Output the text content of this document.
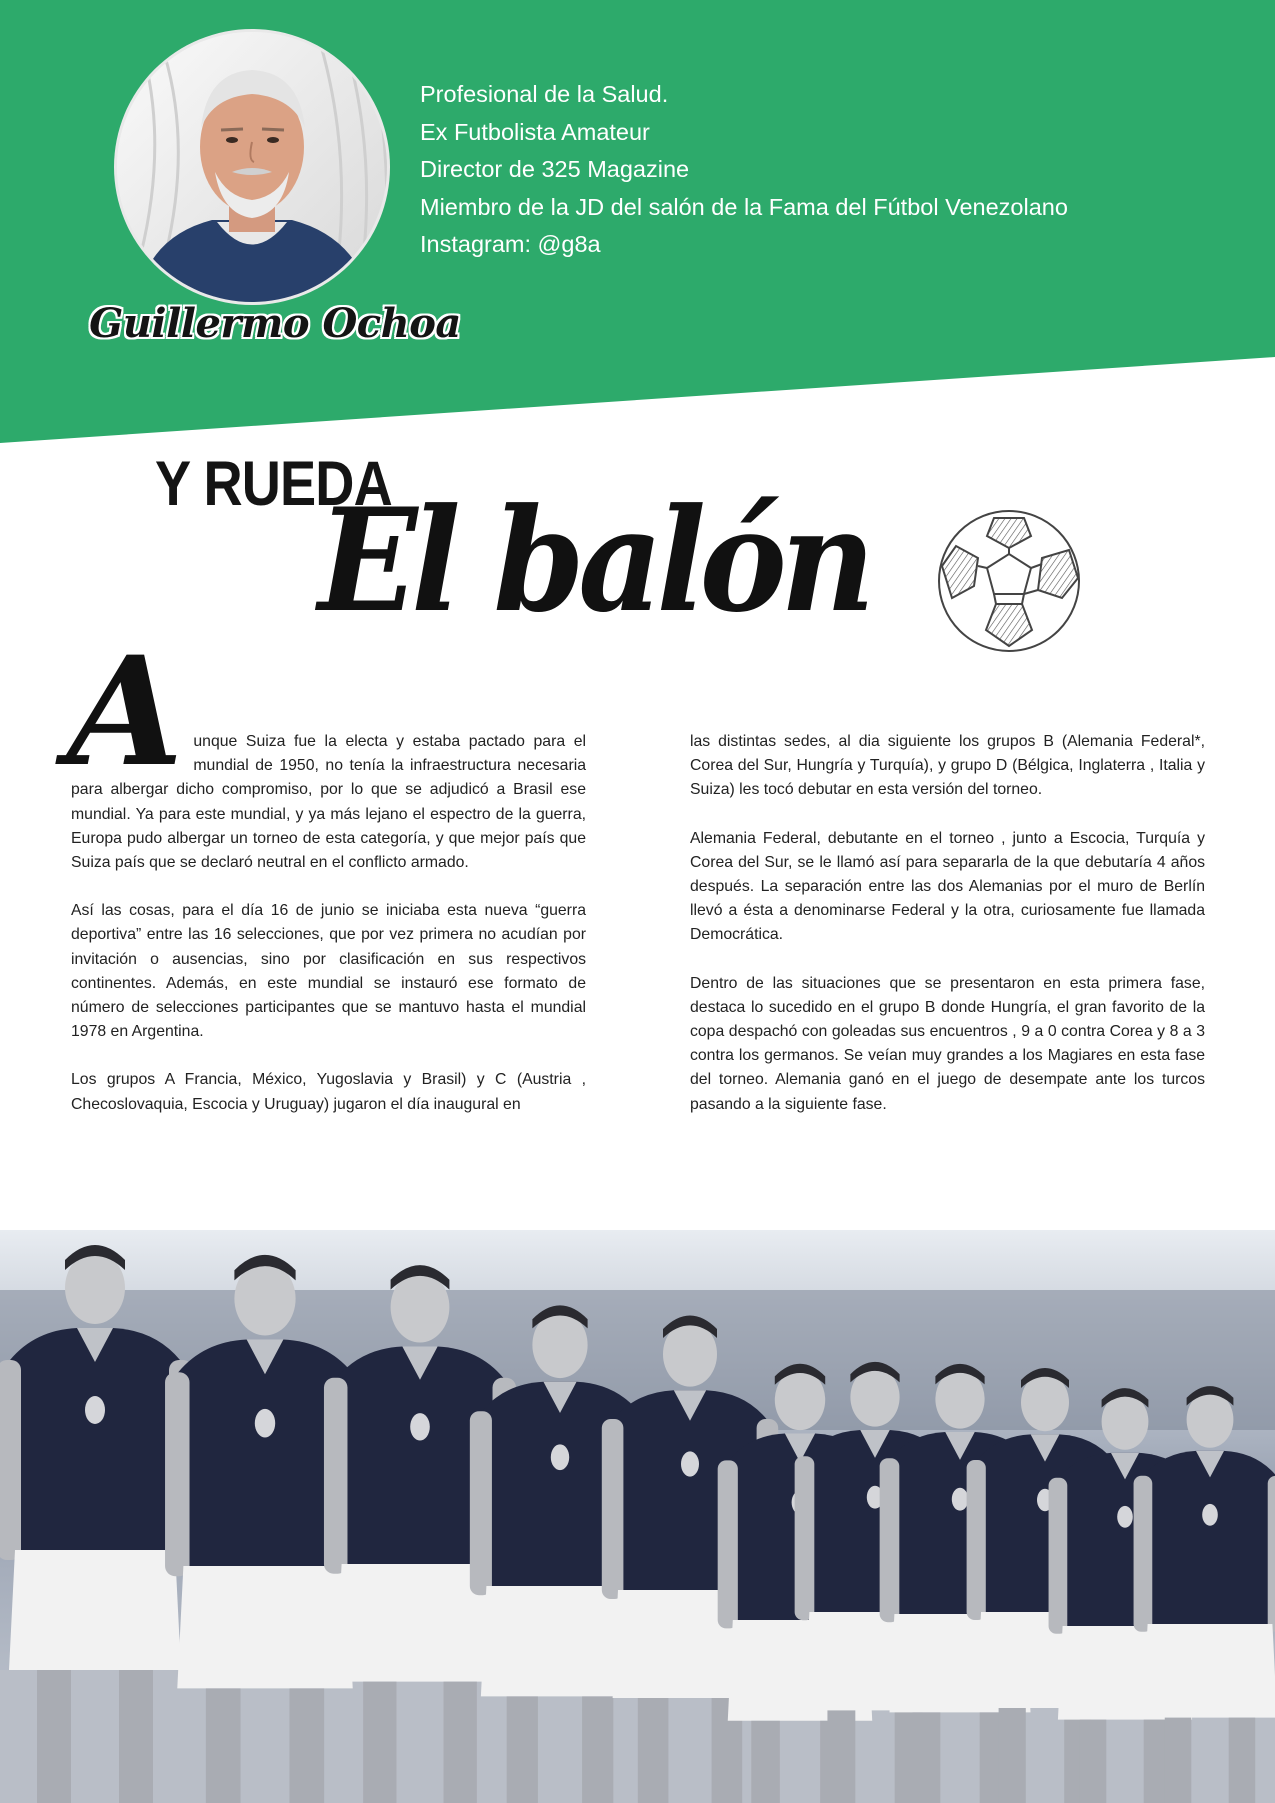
Guillermo Ochoa
Profesional de la Salud.
Ex Futbolista Amateur
Director de 325 Magazine
Miembro de la JD del salón de la Fama del Fútbol Venezolano
Instagram: @g8a
Y RUEDA
El balón

A unque Suiza fue la electa y estaba pactado para el mundial de 1950, no tenía la infraestructura necesaria para albergar dicho compromiso, por lo que se adjudicó a Brasil ese mundial. Ya para este mundial, y ya más lejano el espectro de la guerra, Europa pudo albergar un torneo de esta categoría, y que mejor país que Suiza país que se declaró neutral en el conflicto armado.

Así las cosas, para el día 16 de junio se iniciaba esta nueva “guerra deportiva” entre las 16 selecciones, que por vez primera no acudían por invitación o ausencias, sino por clasificación en sus respectivos continentes. Además, en este mundial se instauró ese formato de número de selecciones participantes que se mantuvo hasta el mundial 1978 en Argentina.

Los grupos A Francia, México, Yugoslavia y Brasil) y C (Austria , Checoslovaquia, Escocia y Uruguay) jugaron el día inaugural en

las distintas sedes, al dia siguiente los grupos B (Alemania Federal*, Corea del Sur, Hungría y Turquía), y grupo D (Bélgica, Inglaterra , Italia y Suiza) les tocó debutar en esta versión del torneo.

Alemania Federal, debutante en el torneo , junto a Escocia, Turquía y Corea del Sur, se le llamó así para separarla de la que debutaría 4 años después. La separación entre las dos Alemanias por el muro de Berlín llevó a ésta a denominarse Federal y la otra, curiosamente fue llamada Democrática.

Dentro de las situaciones que se presentaron en esta primera fase, destaca lo sucedido en el grupo B donde Hungría, el gran favorito de la copa despachó con goleadas sus encuentros , 9 a 0 contra Corea y 8 a 3 contra los germanos. Se veían muy grandes a los Magiares en esta fase del torneo. Alemania ganó en el juego de desempate ante los turcos pasando a la siguiente fase.
